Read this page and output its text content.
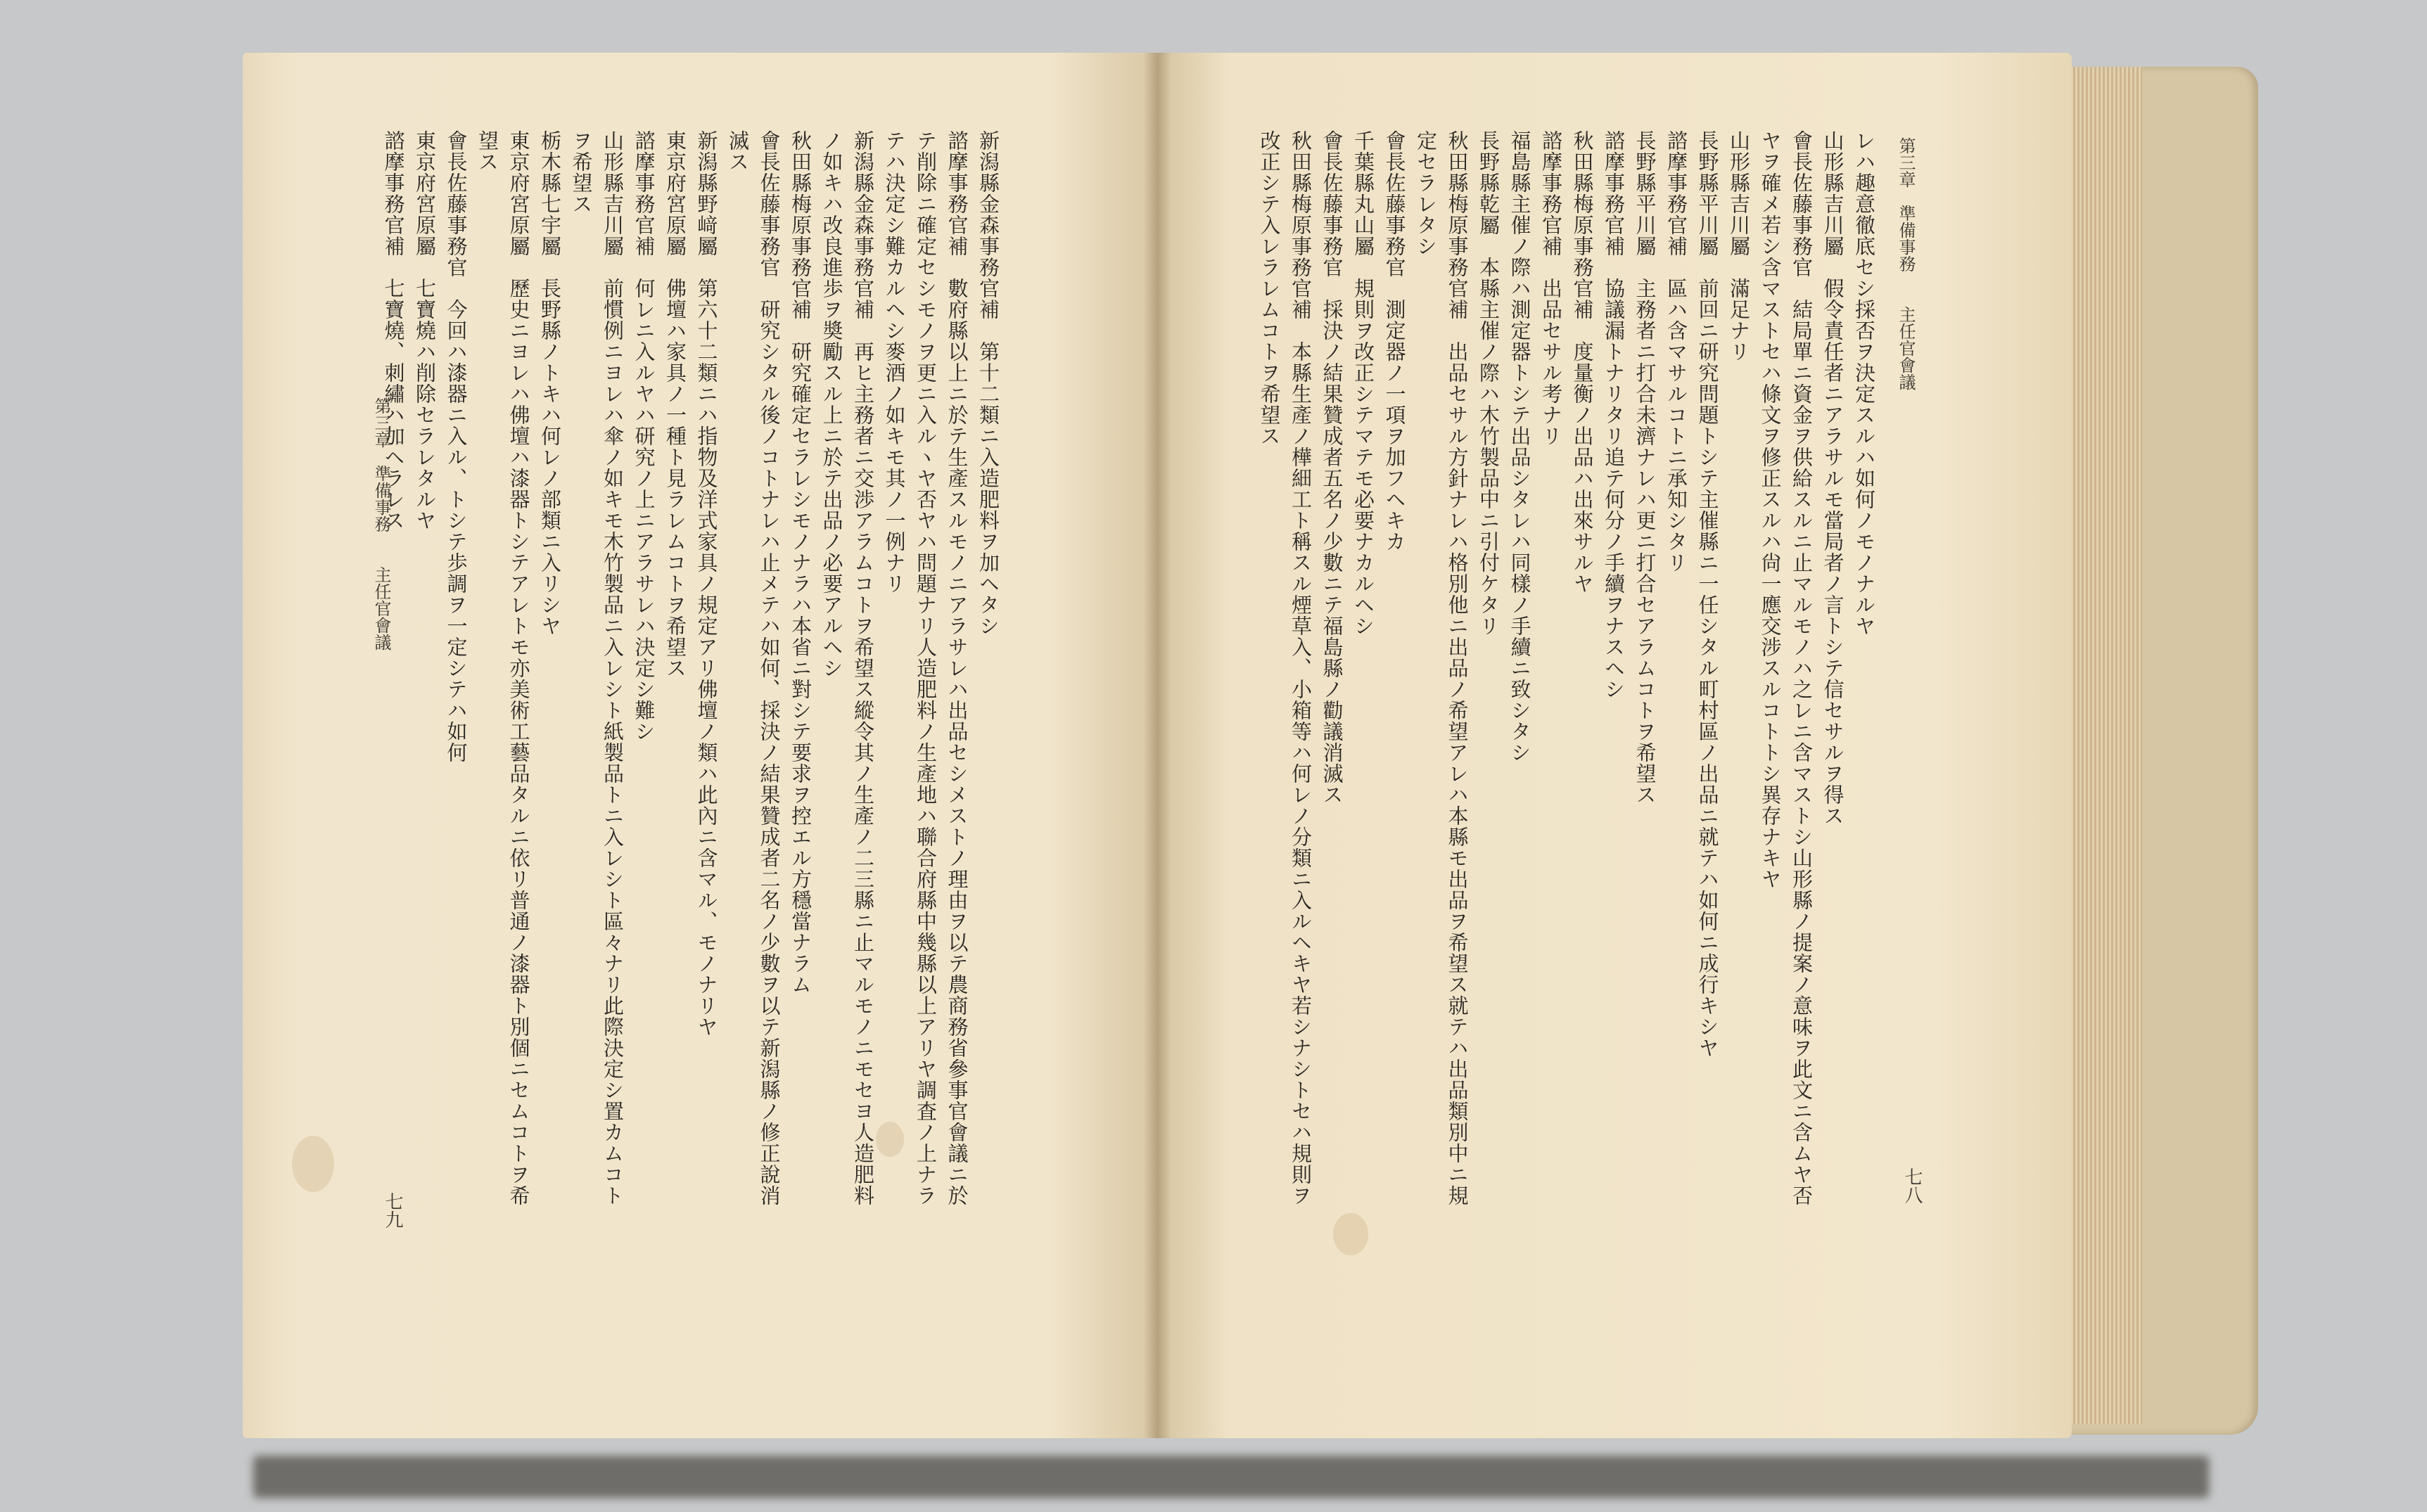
新潟縣金森事務官補　第十二類ニ入造肥料ヲ加ヘタシ
諮摩事務官補　數府縣以上ニ於テ生產スルモノニアラサレハ出品セシメストノ理由ヲ以テ農商務省參事官會議ニ於
テ削除ニ確定セシモノヲ更ニ入ルヽヤ否ヤハ問題ナリ人造肥料ノ生產地ハ聯合府縣中幾縣以上アリヤ調査ノ上ナラ
テハ決定シ難カルヘシ麥酒ノ如キモ其ノ一例ナリ
新潟縣金森事務官補　再ヒ主務者ニ交渉アラムコトヲ希望ス縱令其ノ生產ノ二三縣ニ止マルモノニモセヨ人造肥料
ノ如キハ改良進歩ヲ奬勵スル上ニ於テ出品ノ必要アルヘシ
秋田縣梅原事務官補　研究確定セラレシモノナラハ本省ニ對シテ要求ヲ控エル方穩當ナラム
會長佐藤事務官　研究シタル後ノコトナレハ止メテハ如何、採決ノ結果贊成者二名ノ少數ヲ以テ新潟縣ノ修正說消
滅ス
新潟縣野﨑屬　第六十二類ニハ指物及洋式家具ノ規定アリ佛壇ノ類ハ此內ニ含マル、モノナリヤ
東京府宮原屬　佛壇ハ家具ノ一種ト見ラレムコトヲ希望ス
諮摩事務官補　何レニ入ルヤハ研究ノ上ニアラサレハ決定シ難シ
山形縣吉川屬　前慣例ニヨレハ傘ノ如キモ木竹製品ニ入レシト紙製品トニ入レシト區々ナリ此際決定シ置カムコト
ヲ希望ス
栃木縣七宇屬　長野縣ノトキハ何レノ部類ニ入リシヤ
東京府宮原屬　歷史ニヨレハ佛壇ハ漆器トシテアレトモ亦美術工藝品タルニ依リ普通ノ漆器ト別個ニセムコトヲ希
望ス
會長佐藤事務官　今回ハ漆器ニ入ル、トシテ歩調ヲ一定シテハ如何
東京府宮原屬　七寶燒ハ削除セラレタルヤ
諮摩事務官補　七寶燒、刺繡ハ加ヘラレス
第三章　準備事務　　主任官會議
七九
レハ趣意徹底セシ採否ヲ決定スルハ如何ノモノナルヤ
山形縣吉川屬　假令責任者ニアラサルモ當局者ノ言トシテ信セサルヲ得ス
會長佐藤事務官　結局單ニ資金ヲ供給スルニ止マルモノハ之レニ含マストシ山形縣ノ提案ノ意味ヲ此文ニ含ムヤ否
ヤヲ確メ若シ含マストセハ條文ヲ修正スルハ尙一應交涉スルコトトシ異存ナキヤ
山形縣吉川屬　滿足ナリ
長野縣平川屬　前回ニ研究問題トシテ主催縣ニ一任シタル町村區ノ出品ニ就テハ如何ニ成行キシヤ
諮摩事務官補　區ハ含マサルコトニ承知シタリ
長野縣平川屬　主務者ニ打合未濟ナレハ更ニ打合セアラムコトヲ希望ス
諮摩事務官補　協議漏トナリタリ追テ何分ノ手續ヲナスヘシ
秋田縣梅原事務官補　度量衡ノ出品ハ出來サルヤ
諮摩事務官補　出品セサル考ナリ
福島縣主催ノ際ハ測定器トシテ出品シタレハ同樣ノ手續ニ致シタシ
長野縣乾屬　本縣主催ノ際ハ木竹製品中ニ引付ケタリ
秋田縣梅原事務官補　出品セサル方針ナレハ格別他ニ出品ノ希望アレハ本縣モ出品ヲ希望ス就テハ出品類別中ニ規
定セラレタシ
會長佐藤事務官　測定器ノ一項ヲ加フヘキカ
千葉縣丸山屬　規則ヲ改正シテマテモ必要ナカルヘシ
會長佐藤事務官　採決ノ結果贊成者五名ノ少數ニテ福島縣ノ勸議消滅ス
秋田縣梅原事務官補　本縣生產ノ樺細工ト稱スル煙草入、小箱等ハ何レノ分類ニ入ルヘキヤ若シナシトセハ規則ヲ
改正シテ入レラレムコトヲ希望ス	第三章　準備事務　　主任官會議
七八
